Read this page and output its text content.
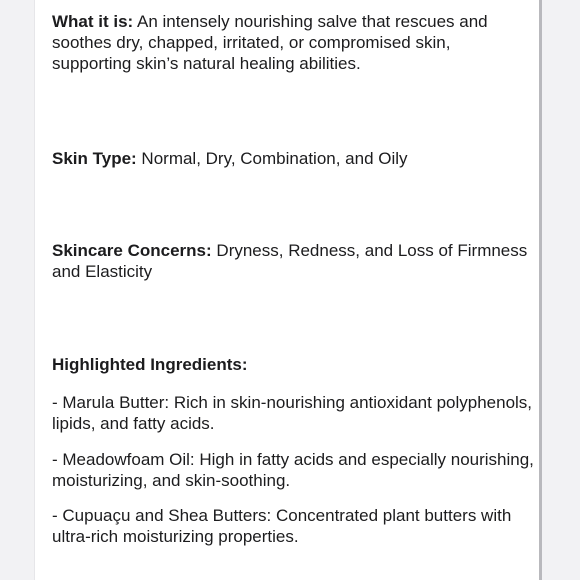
What it is: An intensely nourishing salve that rescues and soothes dry, chapped, irritated, or compromised skin, supporting skin’s natural healing abilities.

Skin Type: Normal, Dry, Combination, and Oily

Skincare Concerns: Dryness, Redness, and Loss of Firmness and Elasticity

Highlighted Ingredients:

- Marula Butter: Rich in skin-nourishing antioxidant polyphenols, lipids, and fatty acids.

- Meadowfoam Oil: High in fatty acids and especially nourishing, moisturizing, and skin-soothing.

- Cupuaçu and Shea Butters: Concentrated plant butters with ultra-rich moisturizing properties.
